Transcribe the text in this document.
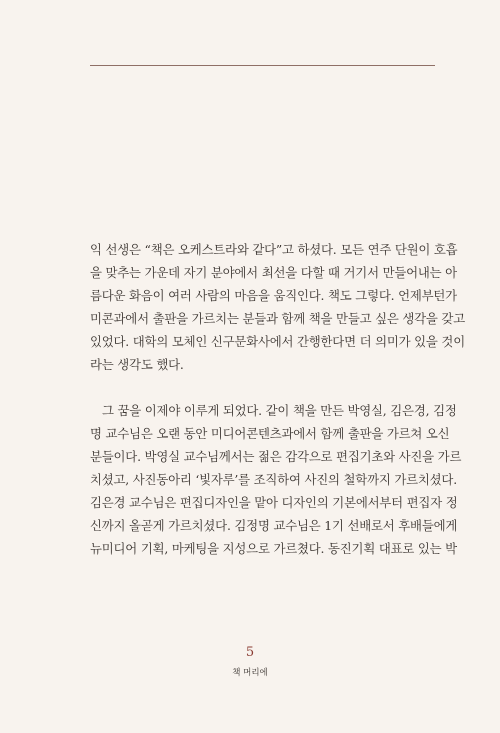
익 선생은 “책은 오케스트라와 같다”고 하셨다. 모든 연주 단원이 호흡
을 맞추는 가운데 자기 분야에서 최선을 다할 때 거기서 만들어내는 아
름다운 화음이 여러 사람의 마음을 움직인다. 책도 그렇다. 언제부턴가
미콘과에서 출판을 가르치는 분들과 함께 책을 만들고 싶은 생각을 갖고
있었다. 대학의 모체인 신구문화사에서 간행한다면 더 의미가 있을 것이
라는 생각도 했다.
그 꿈을 이제야 이루게 되었다. 같이 책을 만든 박영실, 김은경, 김정
명 교수님은 오랜 동안 미디어콘텐츠과에서 함께 출판을 가르쳐 오신
분들이다. 박영실 교수님께서는 젊은 감각으로 편집기초와 사진을 가르
치셨고, 사진동아리 ‘빛자루’를 조직하여 사진의 철학까지 가르치셨다.
김은경 교수님은 편집디자인을 맡아 디자인의 기본에서부터 편집자 정
신까지 올곧게 가르치셨다. 김정명 교수님은 1기 선배로서 후배들에게
뉴미디어 기획, 마케팅을 지성으로 가르쳤다. 동진기획 대표로 있는 박
5
책 머리에
